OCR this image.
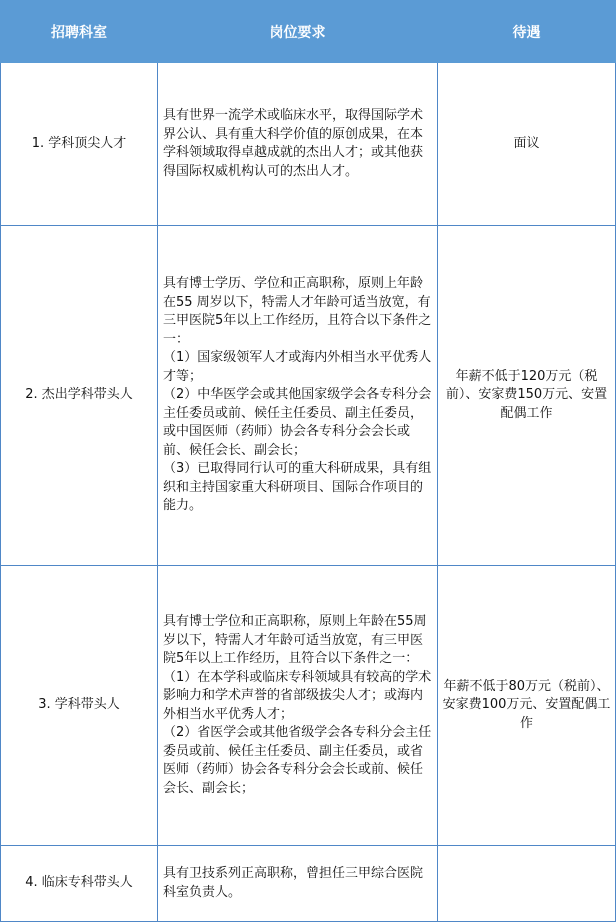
招聘科室	岗位要求	待遇
1. 学科顶尖人才	具有世界一流学术或临床水平，取得国际学术界公认、具有重大科学价值的原创成果，在本学科领域取得卓越成就的杰出人才；或其他获得国际权威机构认可的杰出人才。	面议
2. 杰出学科带头人	具有博士学历、学位和正高职称，原则上年龄在55 周岁以下，特需人才年龄可适当放宽，有三甲医院5年以上工作经历，且符合以下条件之一：
（1）国家级领军人才或海内外相当水平优秀人才等；
（2）中华医学会或其他国家级学会各专科分会主任委员或前、候任主任委员、副主任委员，或中国医师（药师）协会各专科分会会长或前、候任会长、副会长；
（3）已取得同行认可的重大科研成果，具有组织和主持国家重大科研项目、国际合作项目的能力。	年薪不低于120万元（税前）、安家费150万元、安置配偶工作
3. 学科带头人	具有博士学位和正高职称，原则上年龄在55周岁以下，特需人才年龄可适当放宽，有三甲医院5年以上工作经历，且符合以下条件之一：
（1）在本学科或临床专科领域具有较高的学术影响力和学术声誉的省部级拔尖人才；或海内外相当水平优秀人才；
（2）省医学会或其他省级学会各专科分会主任委员或前、候任主任委员、副主任委员，或省医师（药师）协会各专科分会会长或前、候任会长、副会长；	年薪不低于80万元（税前）、安家费100万元、安置配偶工作
4. 临床专科带头人	具有卫技系列正高职称，曾担任三甲综合医院科室负责人。	
